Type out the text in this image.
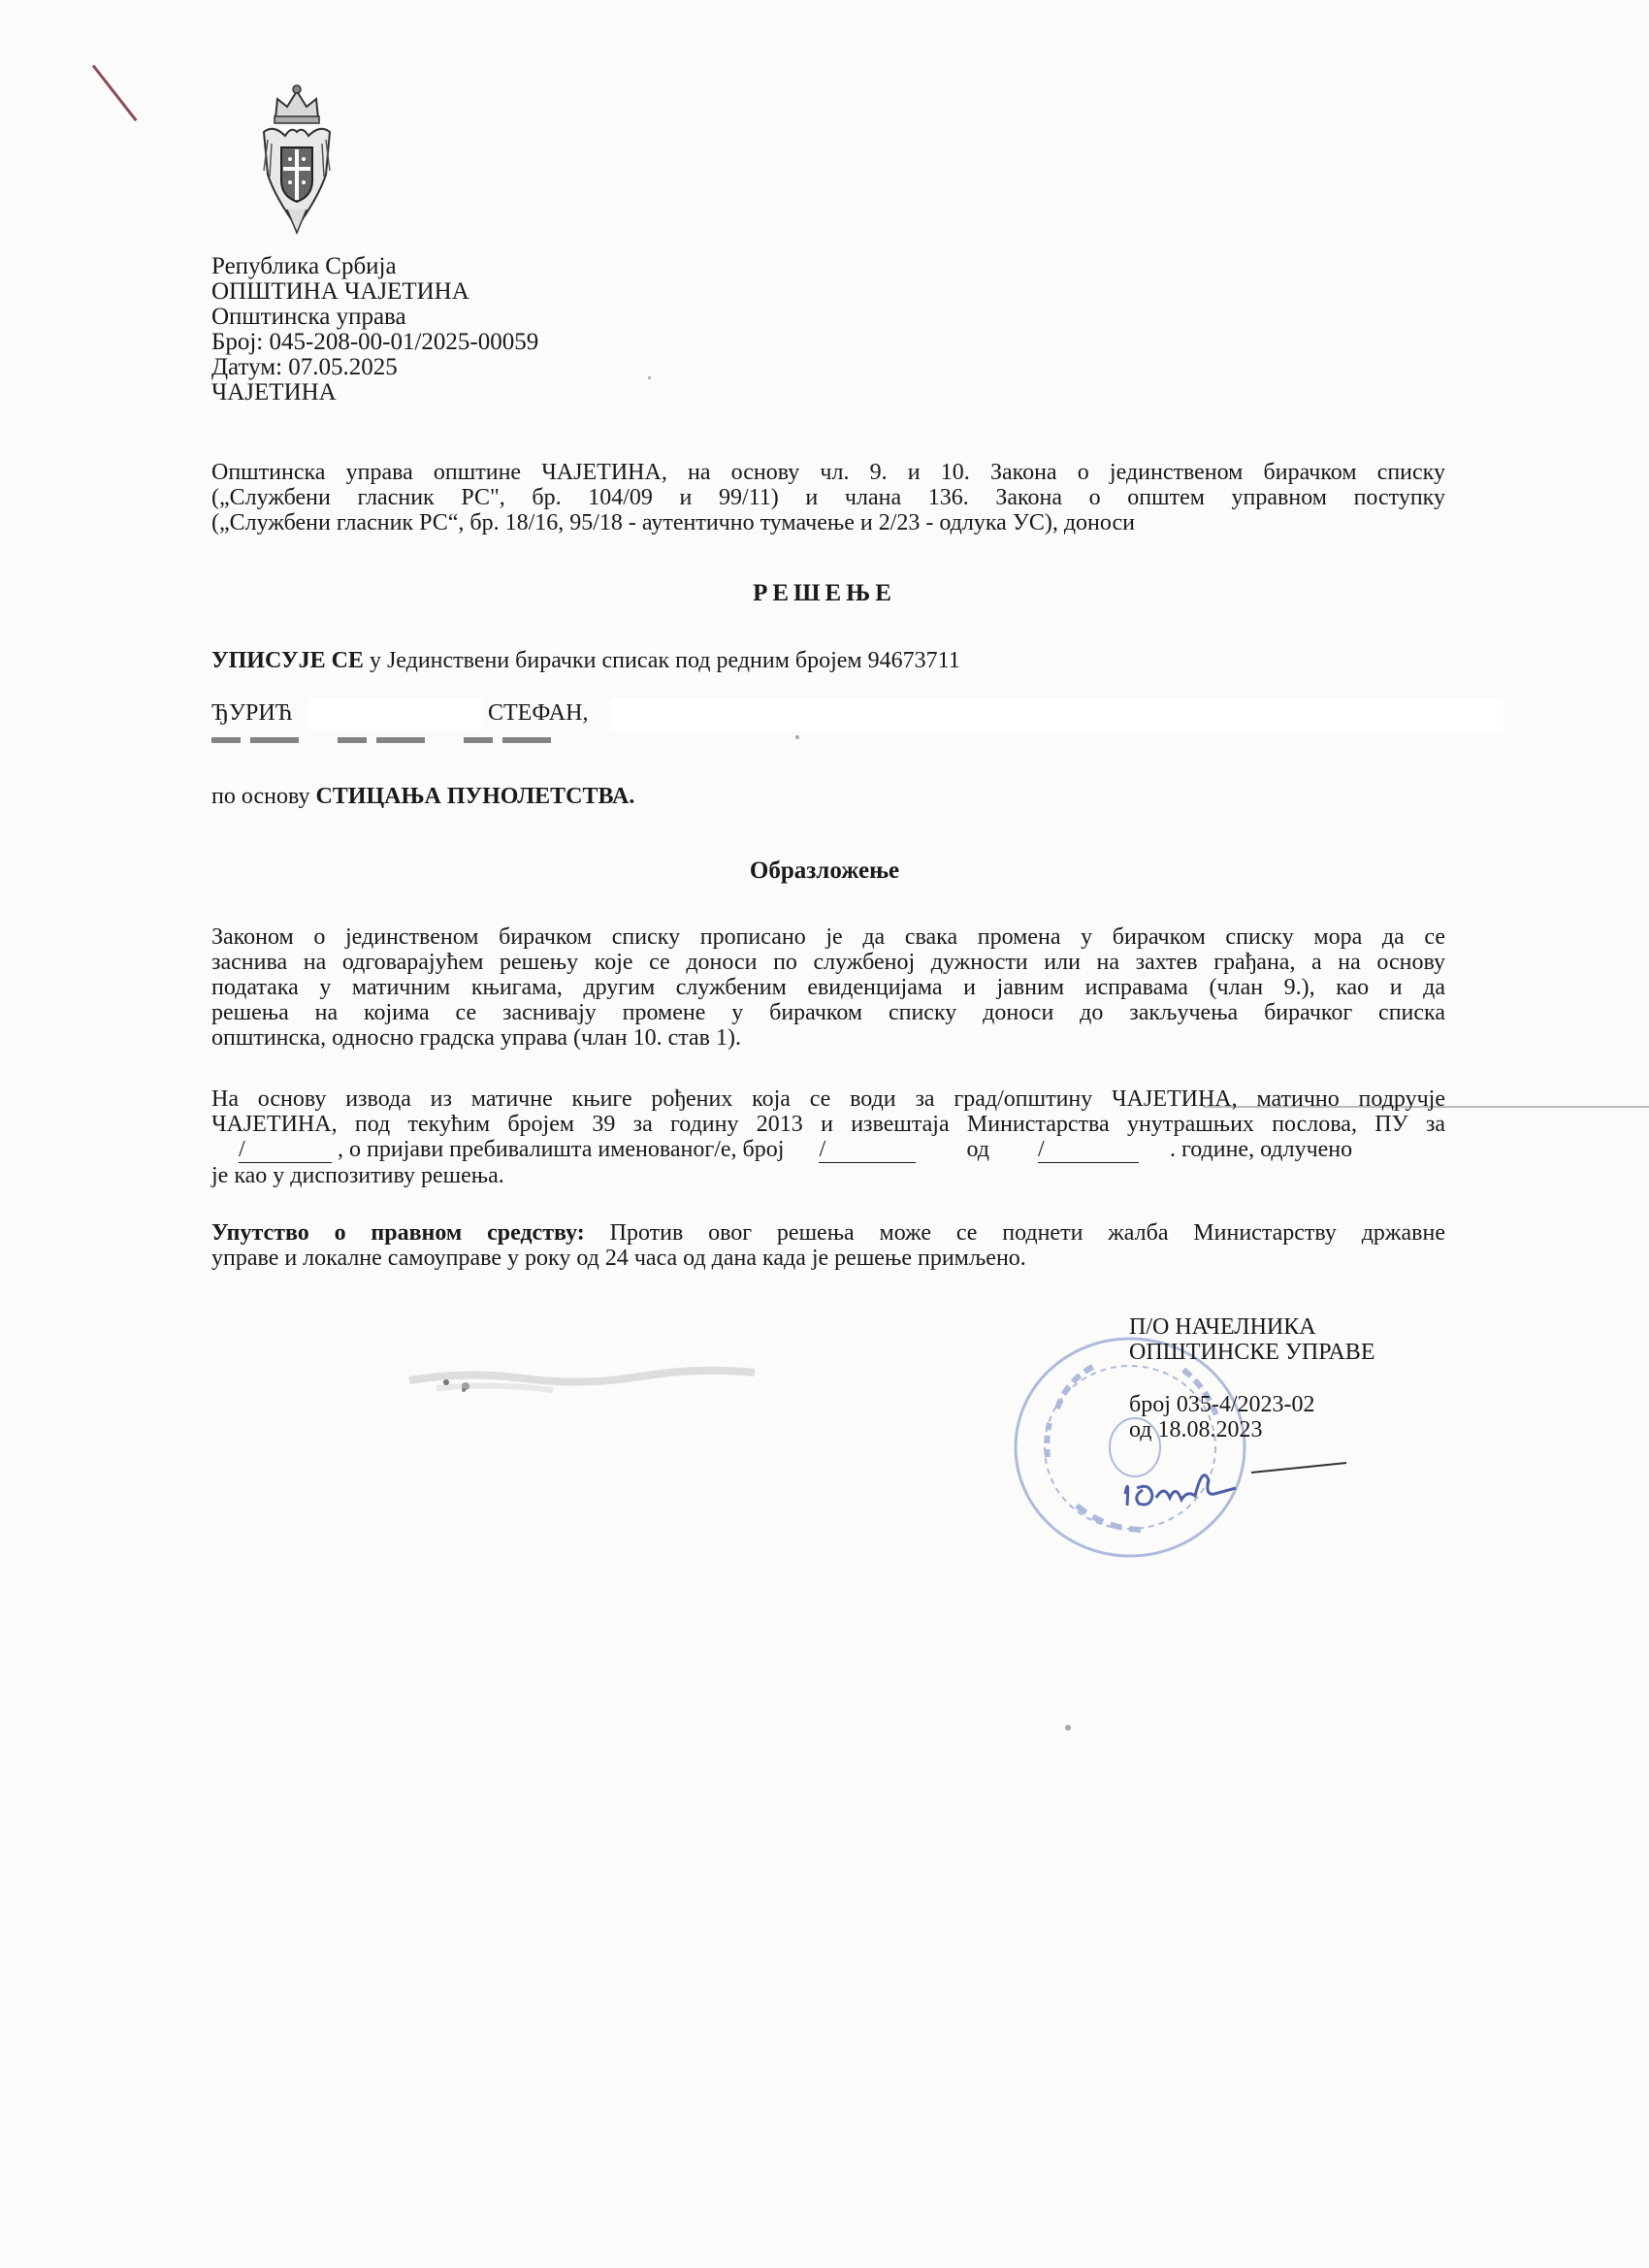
Република Србија
ОПШТИНА ЧАЈЕТИНА
Општинска управа
Број: 045-208-00-01/2025-00059
Датум: 07.05.2025
ЧАЈЕТИНА
Општинска управа општине ЧАЈЕТИНА, на основу чл. 9. и 10. Закона о јединственом бирачком списку
(„Службени гласник РС", бр. 104/09 и 99/11) и члана 136. Закона о општем управном поступку
(„Службени гласник РС“, бр. 18/16, 95/18 - аутентично тумачење и 2/23 - одлука УС), доноси
РЕШЕЊЕ
УПИСУЈЕ СЕ у Јединствени бирачки списак под редним бројем 94673711
ЂУРИЋ	СТЕФАН,
по основу СТИЦАЊА ПУНОЛЕТСТВА.
Образложење
Законом о јединственом бирачком списку прописано је да свака промена у бирачком списку мора да се
заснива на одговарајућем решењу које се доноси по службеној дужности или на захтев грађана, а на основу
података у матичним књигама, другим службеним евиденцијама и јавним исправама (члан 9.), као и да
решења на којима се заснивају промене у бирачком списку доноси до закључења бирачког списка
општинска, односно градска управа (члан 10. став 1).
На основу извода из матичне књиге рођених која се води за град/општину ЧАЈЕТИНА, матично подручје
ЧАЈЕТИНА, под текућим бројем 39 за годину 2013 и извештаја Министарства унутрашњих послова, ПУ за
/	, о пријави пребивалишта именованог/е, број /	од /	. године, одлучено
је као у диспозитиву решења.
Упутство о правном средству: Против овог решења може се поднети жалба Министарству државне
управе и локалне самоуправе у року од 24 часа од дана када је решење примљено.
П/О НАЧЕЛНИКА
ОПШТИНСКЕ УПРАВЕ
број 035-4/2023-02
од 18.08.2023
